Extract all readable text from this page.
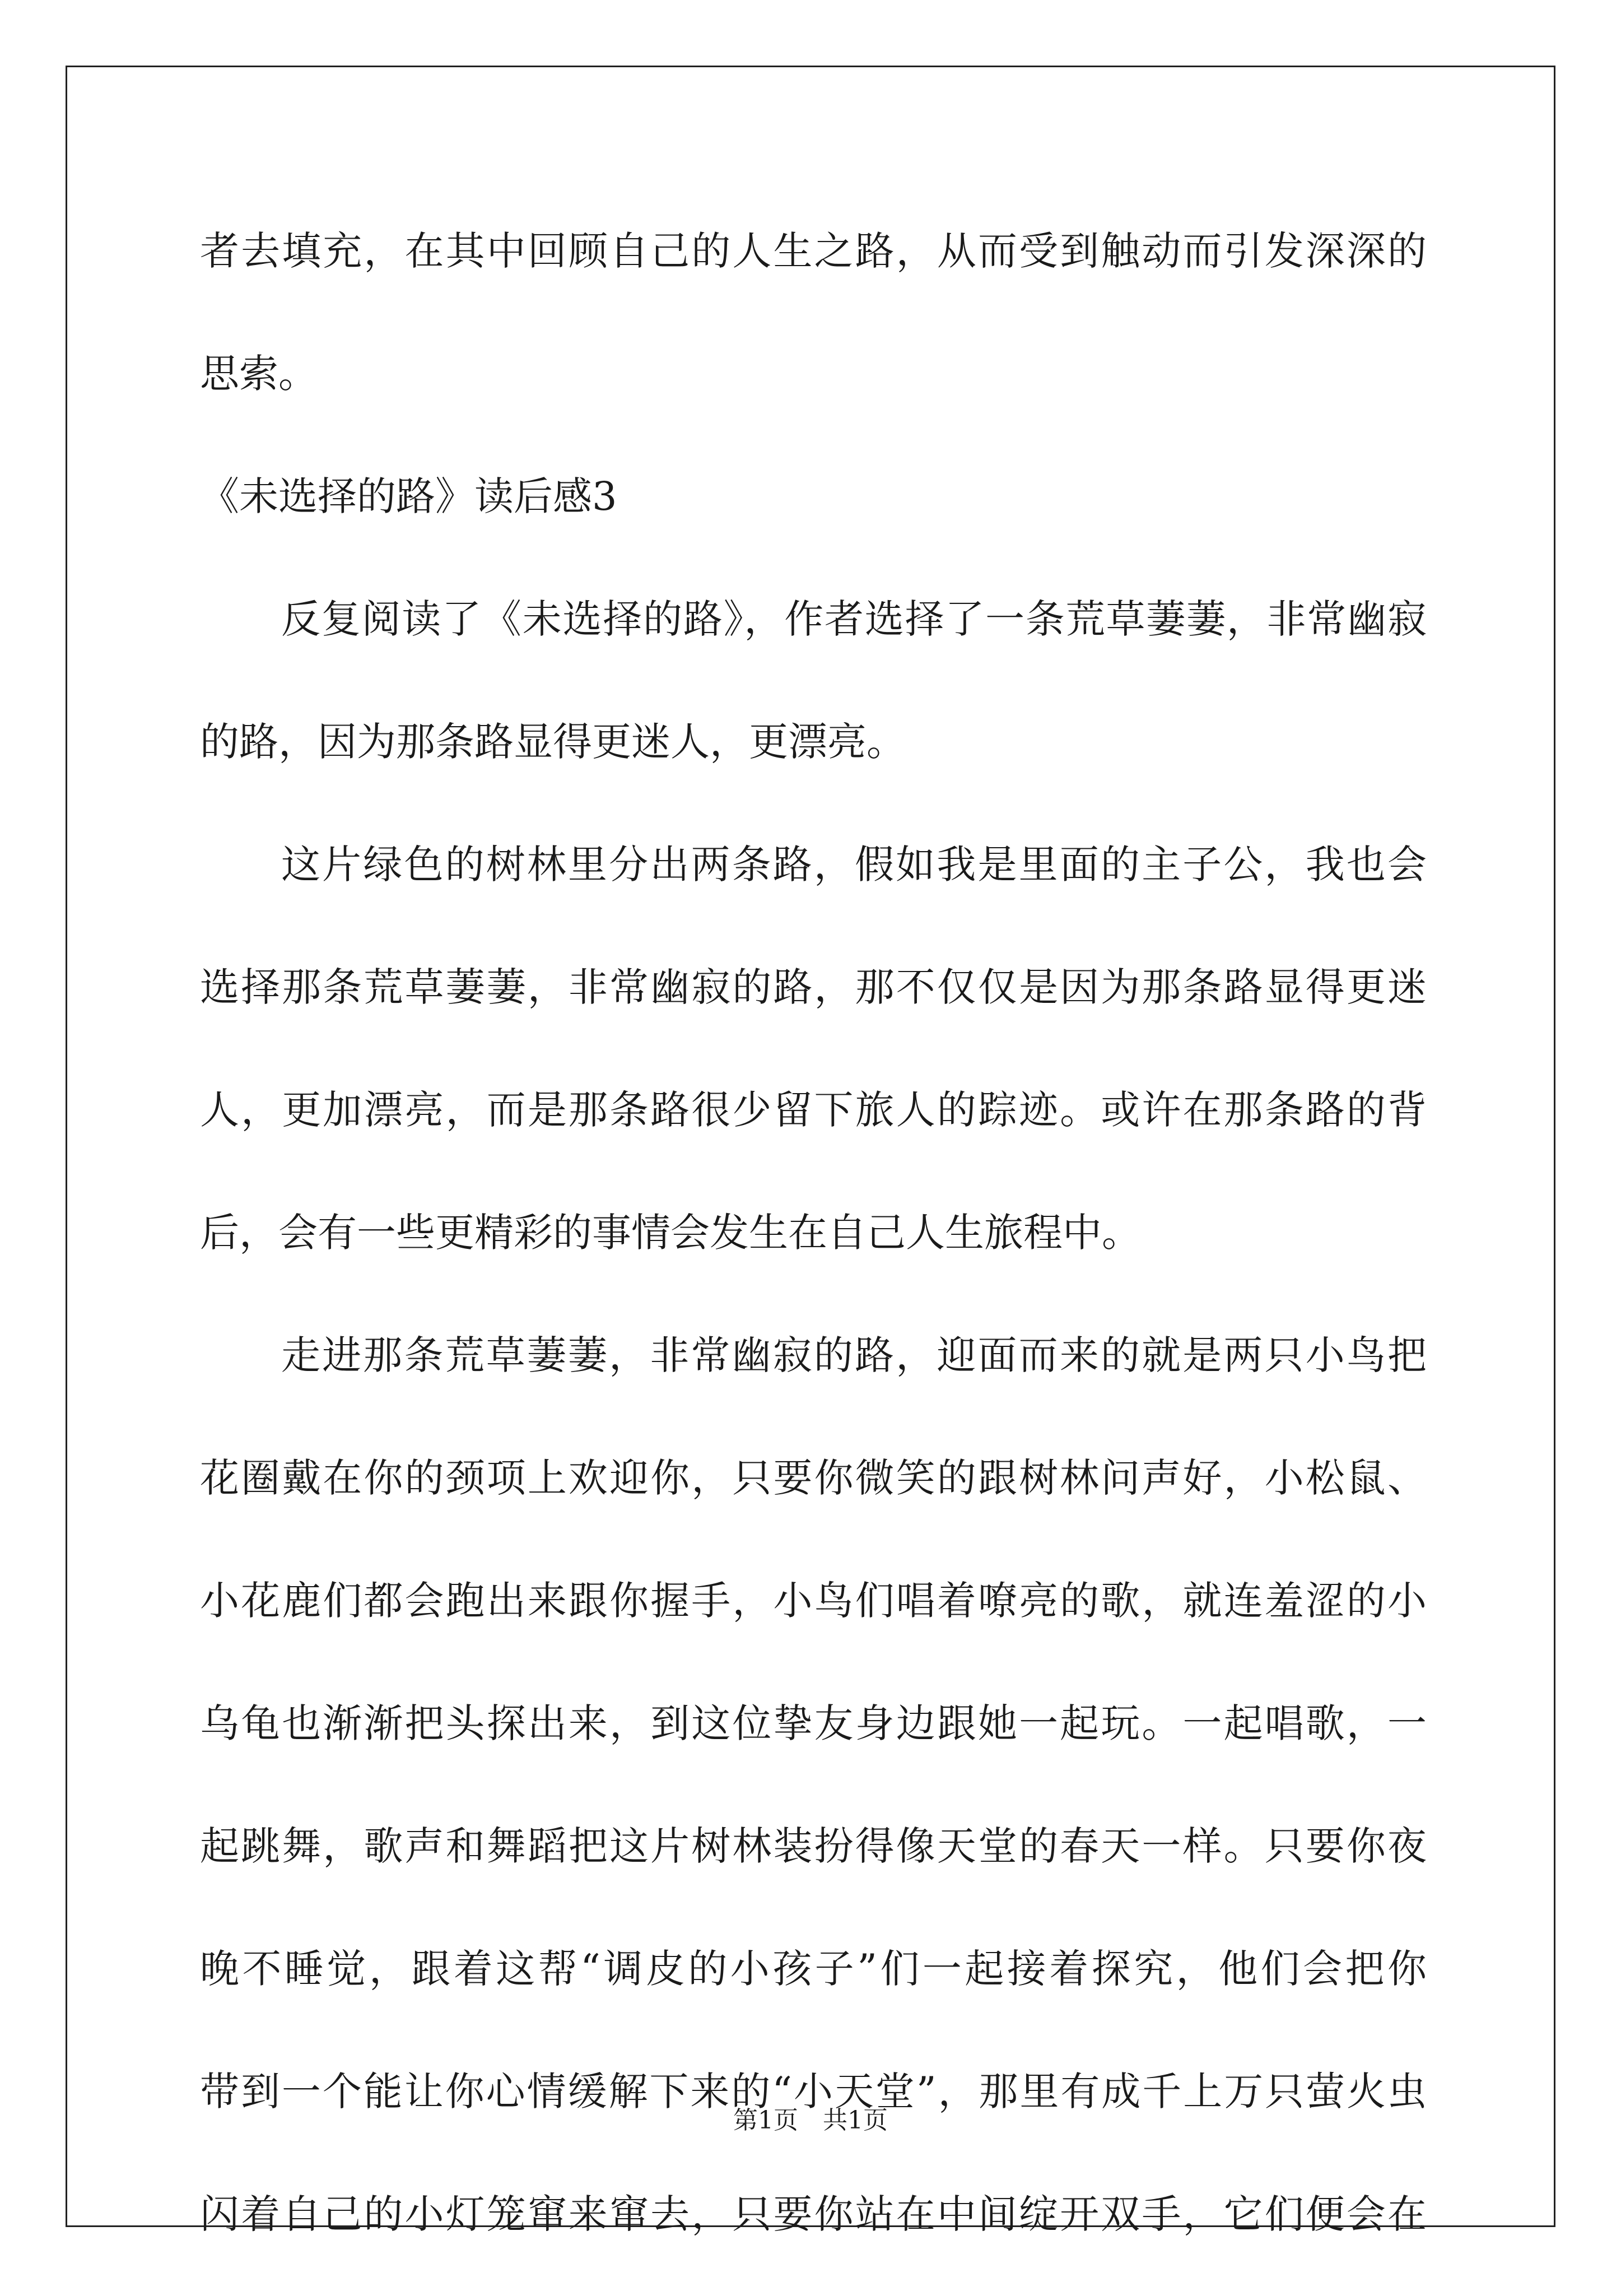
者去填充，在其中回顾自己的人生之路，从而受到触动而引发深深的
思索。
《未选择的路》读后感3
反复阅读了《未选择的路》，作者选择了一条荒草萋萋，非常幽寂
的路，因为那条路显得更迷人，更漂亮。
这片绿色的树林里分出两条路，假如我是里面的主子公，我也会
选择那条荒草萋萋，非常幽寂的路，那不仅仅是因为那条路显得更迷
人，更加漂亮，而是那条路很少留下旅人的踪迹。或许在那条路的背
后，会有一些更精彩的事情会发生在自己人生旅程中。
走进那条荒草萋萋，非常幽寂的路，迎面而来的就是两只小鸟把
花圈戴在你的颈项上欢迎你，只要你微笑的跟树林问声好，小松鼠、
小花鹿们都会跑出来跟你握手，小鸟们唱着嘹亮的歌，就连羞涩的小
乌龟也渐渐把头探出来，到这位挚友身边跟她一起玩。一起唱歌，一
起跳舞，歌声和舞蹈把这片树林装扮得像天堂的春天一样。只要你夜
晚不睡觉，跟着这帮“调皮的小孩子”们一起接着探究，他们会把你
带到一个能让你心情缓解下来的“小天堂”，那里有成千上万只萤火虫
闪着自己的小灯笼窜来窜去，只要你站在中间绽开双手，它们便会在
第1页 共1页
